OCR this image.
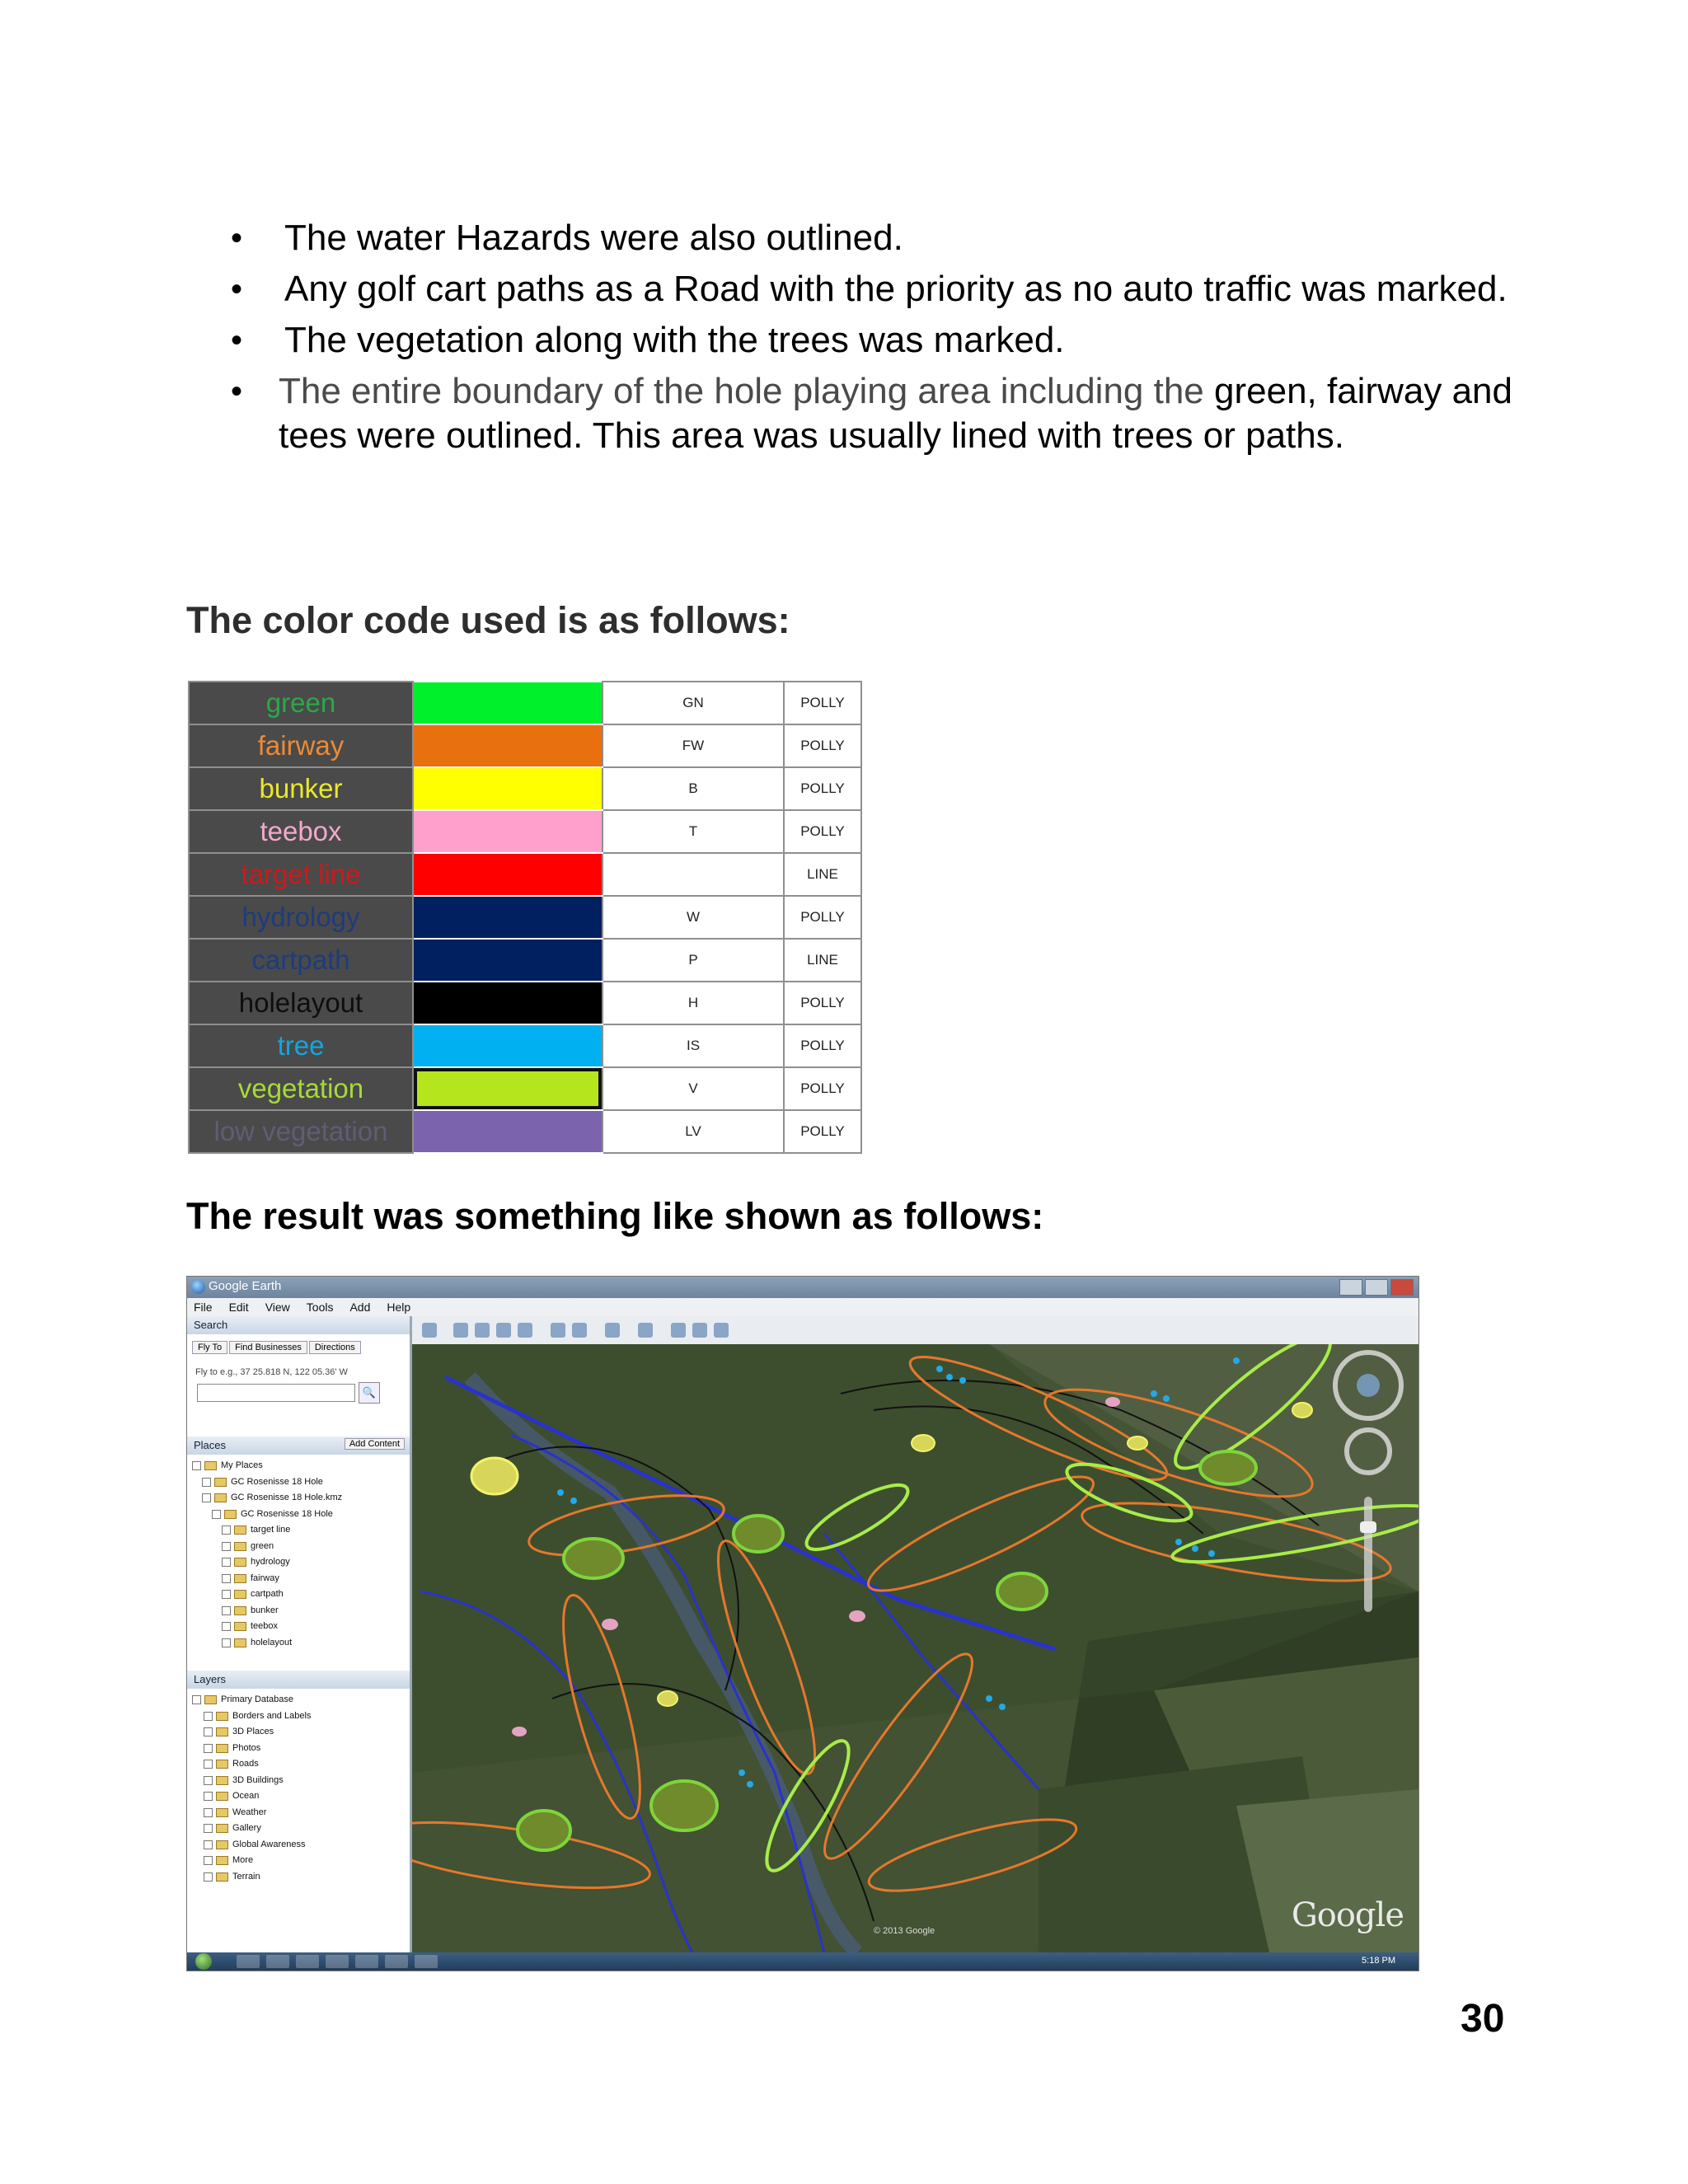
• The water Hazards were also outlined.
• Any golf cart paths as a Road with the priority as no auto traffic was marked.
• The vegetation along with the trees was marked.
• The entire boundary of the hole playing area including the green, fairway and tees were outlined. This area was usually lined with trees or paths.

The color code used is as follows:

green		GN	POLLY
fairway		FW	POLLY
bunker		B	POLLY
teebox		T	POLLY
target line			LINE
hydrology		W	POLLY
cartpath		P	LINE
holelayout		H	POLLY
tree		IS	POLLY
vegetation		V	POLLY
low vegetation		LV	POLLY

The result was something like shown as follows:

Google Earth
File Edit View Tools Add Help
Search
Fly To	Find Businesses	Directions
Fly to e.g., 37 25.818 N, 122 05.36' W
🔍
Places	Add Content
My Places
GC Rosenisse 18 Hole
GC Rosenisse 18 Hole.kmz
GC Rosenisse 18 Hole
target line
green
hydrology
fairway
cartpath
bunker
teebox
holelayout
Layers
Primary Database
Borders and Labels
3D Places
Photos
Roads
3D Buildings
Ocean
Weather
Gallery
Global Awareness
More
Terrain
© 2013 Google	Google
5:18 PM

30
